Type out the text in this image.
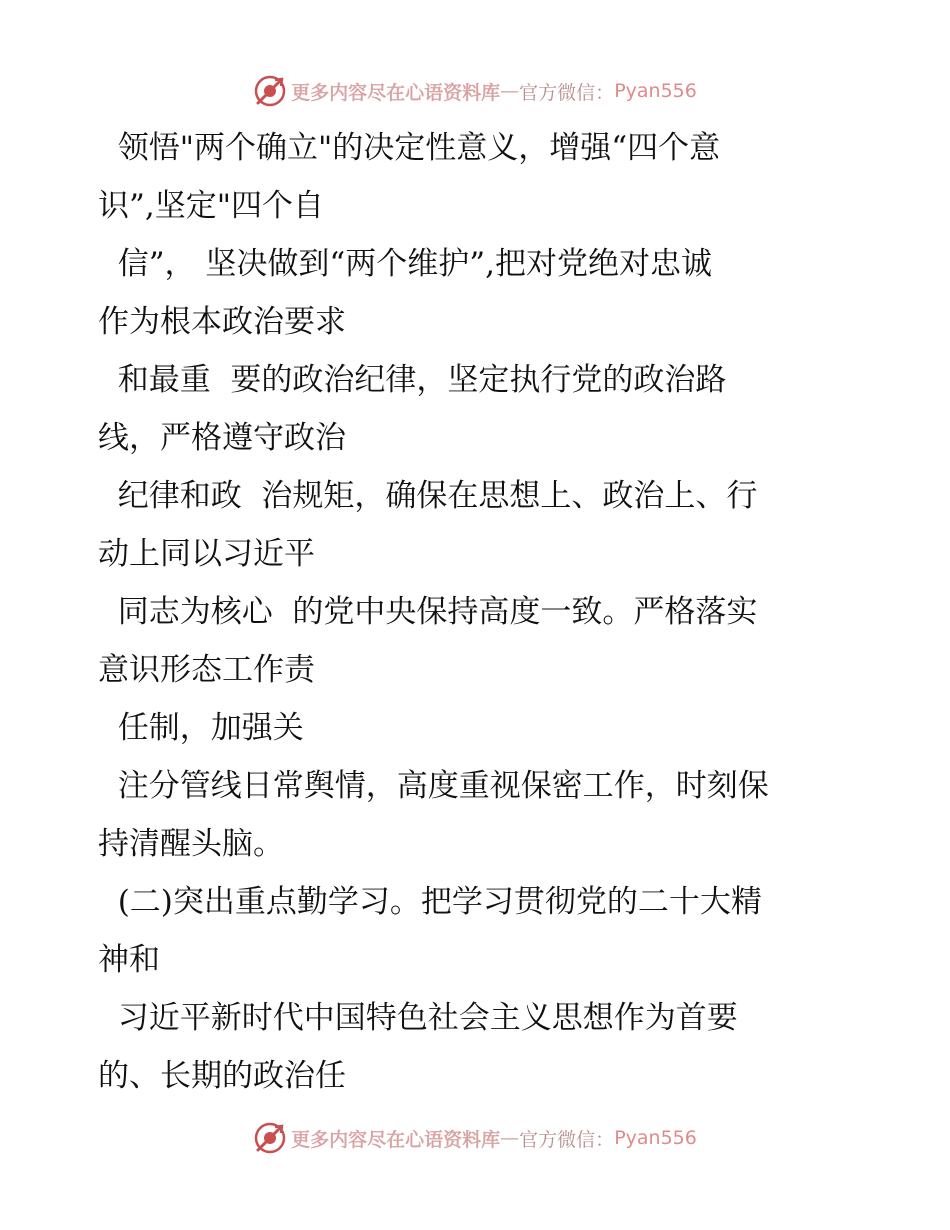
更多内容尽在心语资料库 — 官方微信： Pyan556
领悟"两个确立"的决定性意义，增强“四个意
识”,坚定"四个自
信”， 坚决做到“两个维护”,把对党绝对忠诚
作为根本政治要求
和最重  要的政治纪律，坚定执行党的政治路
线，严格遵守政治
纪律和政  治规矩，确保在思想上、政治上、行
动上同以习近平
同志为核心  的党中央保持高度一致。严格落实
意识形态工作责
任制，加强关
注分管线日常舆情，高度重视保密工作，时刻保
持清醒头脑。
(二)突出重点勤学习。把学习贯彻党的二十大精
神和
习近平新时代中国特色社会主义思想作为首要
的、长期的政治任
更多内容尽在心语资料库 — 官方微信： Pyan556
